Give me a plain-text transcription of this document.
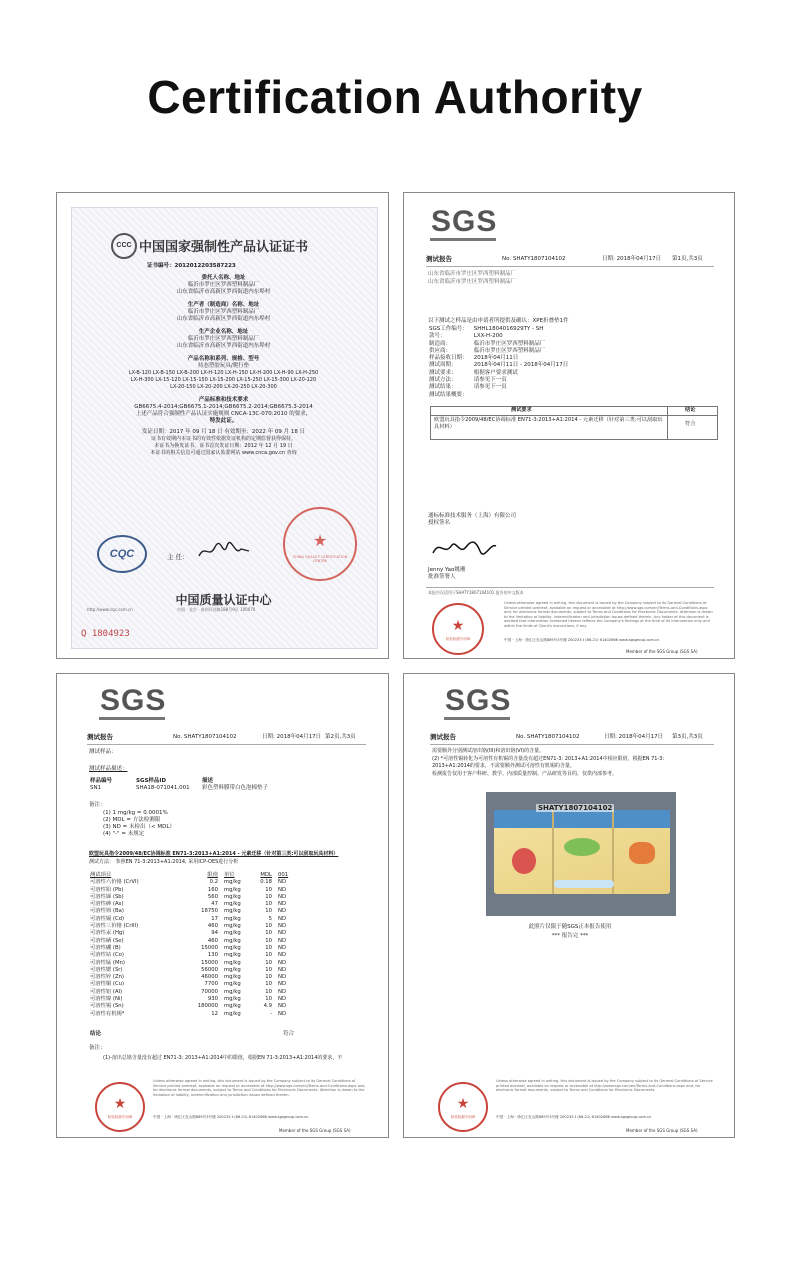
Certification Authority
CCC 中国国家强制性产品认证证书
证书编号：2012012203587223
委托人名称、地址
临沂市罗庄区罗西塑料制品厂
山东省临沂市高新区罗西街道内东埠村
生产者（制造商）名称、地址
临沂市罗庄区罗西塑料制品厂
山东省临沂市高新区罗西街道内东埠村
生产企业名称、地址
临沂市罗庄区罗西塑料制品厂
山东省临沂市高新区罗西街道内东埠村
产品名称和系列、规格、型号
持态塑胶玩具/爬行垫
LX-B-120 LX-B-150 LX-B-200 LX-H-120 LX-H-150 LX-H-200 LX-H-90 LX-H-250
LX-H-300 LX-15-120 LX-15-150 LX-15-200 LX-15-250 LX-15-300 LX-20-120
LX-20-150 LX-20-200 LX-20-250 LX-20-300
产品标准和技术要求
GB6675.4-2014;GB6675.1-2014;GB6675.2-2014;GB6675.3-2014
上述产品符合强制性产品认证实施规则 CNCA-13C-070:2010 的要求，
特发此证。
发证日期：2017 年 09 月 18 日 有效期至：2022 年 09 月 18 日
证书有效期内本证书的有效性依据发证机构的定期监督获得保持。
本证书为换发证书，证书首次发证日期：2012 年 12 月 19 日
本证书的相关信息可通过国家认监委网站 www.cnca.gov.cn 查询
CQC	主 任：
★
CHINA QUALITY CERTIFICATION CENTRE
中国质量认证中心
http://www.cqc.com.cn	中国 · 北京 · 南四环西路188号9区 100070
Q 1804923
SGS
测试报告	No. SHATY1807104102	日期: 2018年04月17日 第1页,共3页
山东省临沂市罗庄区罗西塑料制品厂
山东省临沂市罗庄区罗西塑料制品厂
以下测试之样品是由申请者所提供及确认：XPE折叠垫1件
SGS工作编号：	SHHL1804016929TY - SH
款号：	LXX-H-200
制造商：	临沂市罗庄区罗西塑料制品厂
供应商：	临沂市罗庄区罗西塑料制品厂
样品接收日期：	2018年04月11日
测试周期：	2018年04月11日 - 2018年04月17日
测试要求：	根据客户要求测试
测试方法：	请参见下一页
测试结果：	请参见下一页
测试结果概要：	
测试要求	结论
欧盟玩具指令2009/48/EC协调标准 EN71-3:2013+A1:2014 - 元素迁移（针对第三类:可以刮取玩具材料）	符合
通标标准技术服务（上海）有限公司
授权签名
Jenny Yao姚珊
批准签署人
本报告仅适用于SHATY1807104101 报告的中文版本
★
检验检测专用章
Unless otherwise agreed in writing, this document is issued by the Company subject to its General Conditions of Service printed overleaf, available on request or accessible at http://www.sgs.com/en/Terms-and-Conditions.aspx and, for electronic format documents, subject to Terms and Conditions for Electronic Documents. Attention is drawn to the limitation of liability, indemnification and jurisdiction issues defined therein. Any holder of this document is advised that information contained hereon reflects the Company's findings at the time of its intervention only and within the limits of Client's instructions, if any.
中国 · 上海 · 徐汇区宜山路889号3号楼 200233 t (86-21) 61402666 www.sgsgroup.com.cn
Member of the SGS Group (SGS SA)
SGS
测试报告	No. SHATY1807104102	日期: 2018年04月17日 第2页,共3页
测试样品：
测试样品描述：
样品编号	SGS样品ID	描述
SN1	SHA18-071041.001	彩色塑料膜带白色泡棉垫子
备注：
(1) 1 mg/kg = 0.0001%
(2) MDL = 方法检测限
(3) ND = 未检出（< MDL）
(4) "-" = 未规定
欧盟玩具指令2009/48/EC协调标准 EN71-3:2013+A1:2014 - 元素迁移（针对第三类:可以刮取玩具材料）
测试方法： 参照EN 71-3:2013+A1:2014, 采用ICP-OES进行分析
测试项目	限值	单位	MDL	001
可溶性六价铬 (CrVI)	0.2	mg/kg	0.18	ND
可溶性铅 (Pb)	160	mg/kg	10	ND
可溶性锑 (Sb)	560	mg/kg	10	ND
可溶性砷 (As)	47	mg/kg	10	ND
可溶性钡 (Ba)	18750	mg/kg	10	ND
可溶性镉 (Cd)	17	mg/kg	5	ND
可溶性三价铬 (CrIII)	460	mg/kg	10	ND
可溶性汞 (Hg)	94	mg/kg	10	ND
可溶性硒 (Se)	460	mg/kg	10	ND
可溶性硼 (B)	15000	mg/kg	10	ND
可溶性钴 (Co)	130	mg/kg	10	ND
可溶性锰 (Mn)	15000	mg/kg	10	ND
可溶性锶 (Sr)	56000	mg/kg	10	ND
可溶性锌 (Zn)	46000	mg/kg	10	ND
可溶性铜 (Cu)	7700	mg/kg	10	ND
可溶性铝 (Al)	70000	mg/kg	10	ND
可溶性镍 (Ni)	930	mg/kg	10	ND
可溶性锡 (Sn)	180000	mg/kg	4.9	ND
可溶性有机锡*	12	mg/kg	-	ND
结论	符合
备注：
(1)-溶出总铬含量没有超过 EN71-3: 2013+A1:2014中的限值，根据EN 71-3:2013+A1:2014的要求，不
★
检验检测专用章
Unless otherwise agreed in writing, this document is issued by the Company subject to its General Conditions of Service printed overleaf, available on request or accessible at http://www.sgs.com/en/Terms-and-Conditions.aspx and, for electronic format documents, subject to Terms and Conditions for Electronic Documents. Attention is drawn to the limitation of liability, indemnification and jurisdiction issues defined therein.
中国 · 上海 · 徐汇区宜山路889号3号楼 200233 t (86-21) 61402666 www.sgsgroup.com.cn
Member of the SGS Group (SGS SA)
SGS
测试报告	No. SHATY1807104102	日期: 2018年04月17日 第3页,共3页
需要额外分别测试溶出铬(III)和溶出铬(VI)的含量。
(2) *可溶性锡转化为可溶性有机锡的含量没有超过EN71-3: 2013+A1:2014中相应限值，根据EN 71-3:
2013+A1:2014的要求，不需要额外测试可溶性有机锡的含量。
检测报告仅用于客户科研、教学、内部质量控制、产品研发等目的，仅供内部参考。
SHATY1807104102
此照片仅限于随SGS正本报告使用
*** 报告完 ***
★
检验检测专用章
Unless otherwise agreed in writing, this document is issued by the Company subject to its General Conditions of Service printed overleaf, available on request or accessible at http://www.sgs.com/en/Terms-and-Conditions.aspx and, for electronic format documents, subject to Terms and Conditions for Electronic Documents.
中国 · 上海 · 徐汇区宜山路889号3号楼 200233 t (86-21) 61402666 www.sgsgroup.com.cn
Member of the SGS Group (SGS SA)
